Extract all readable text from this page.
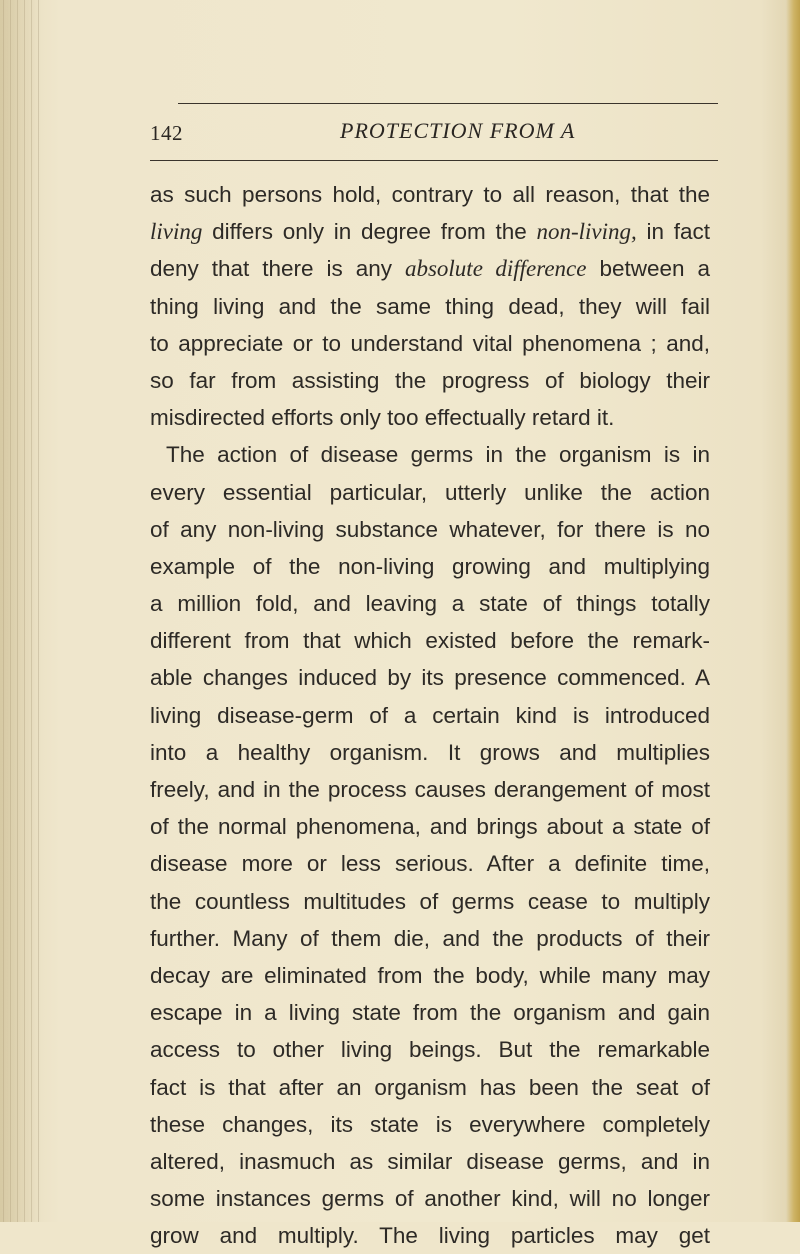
142	PROTECTION FROM A
as such persons hold, contrary to all reason, that the
living differs only in degree from the non-living, in fact
deny that there is any absolute difference between a
thing living and the same thing dead, they will fail
to appreciate or to understand vital phenomena ; and,
so far from assisting the progress of biology their
misdirected efforts only too effectually retard it.
The action of disease germs in the organism is in
every essential particular, utterly unlike the action
of any non-living substance whatever, for there is no
example of the non-living growing and multiplying
a million fold, and leaving a state of things totally
different from that which existed before the remark-
able changes induced by its presence commenced. A
living disease-germ of a certain kind is introduced
into a healthy organism. It grows and multiplies
freely, and in the process causes derangement of most
of the normal phenomena, and brings about a state of
disease more or less serious. After a definite time,
the countless multitudes of germs cease to multiply
further. Many of them die, and the products of their
decay are eliminated from the body, while many may
escape in a living state from the organism and gain
access to other living beings. But the remarkable
fact is that after an organism has been the seat of
these changes, its state is everywhere completely
altered, inasmuch as similar disease germs, and in
some instances germs of another kind, will no longer
grow and multiply. The living particles may get
